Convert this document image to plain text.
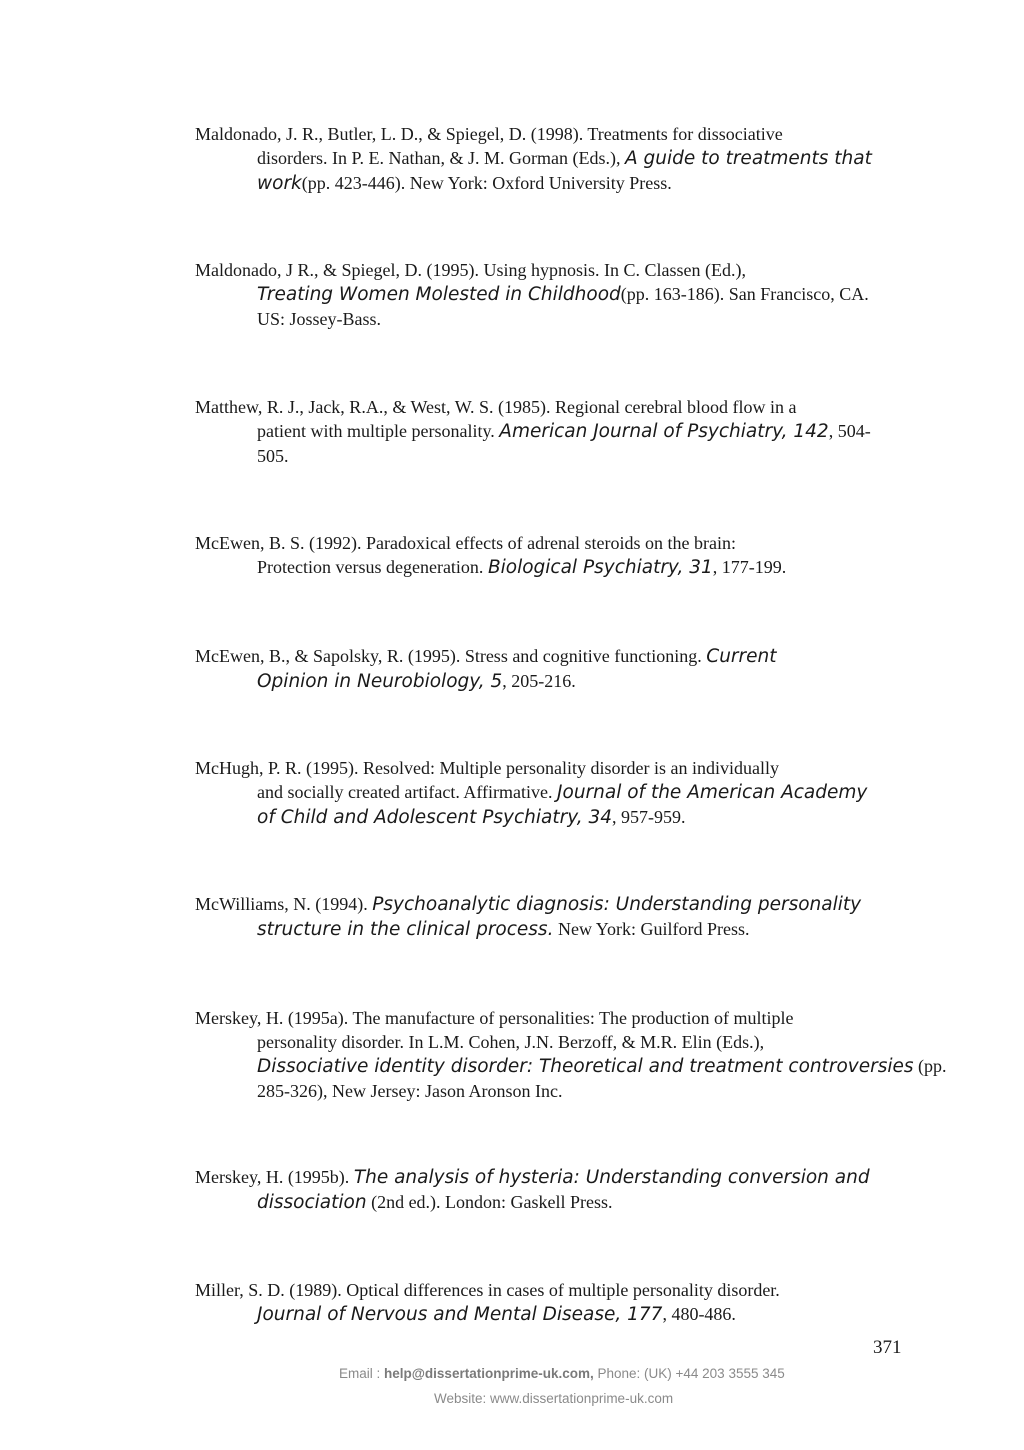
Maldonado, J. R., Butler, L. D., & Spiegel, D. (1998). Treatments for dissociative
disorders. In P. E. Nathan, & J. M. Gorman (Eds.), A guide to treatments that
work(pp. 423-446). New York: Oxford University Press.
Maldonado, J R., & Spiegel, D. (1995). Using hypnosis. In C. Classen (Ed.),
Treating Women Molested in Childhood(pp. 163-186). San Francisco, CA.
US: Jossey-Bass.
Matthew, R. J., Jack, R.A., & West, W. S. (1985). Regional cerebral blood flow in a
patient with multiple personality. American Journal of Psychiatry, 142, 504-
505.
McEwen, B. S. (1992). Paradoxical effects of adrenal steroids on the brain:
Protection versus degeneration. Biological Psychiatry, 31, 177-199.
McEwen, B., & Sapolsky, R. (1995). Stress and cognitive functioning. Current
Opinion in Neurobiology, 5, 205-216.
McHugh, P. R. (1995). Resolved: Multiple personality disorder is an individually
and socially created artifact. Affirmative. Journal of the American Academy
of Child and Adolescent Psychiatry, 34, 957-959.
McWilliams, N. (1994). Psychoanalytic diagnosis: Understanding personality
structure in the clinical process. New York: Guilford Press.
Merskey, H. (1995a). The manufacture of personalities: The production of multiple
personality disorder. In L.M. Cohen, J.N. Berzoff, & M.R. Elin (Eds.),
Dissociative identity disorder: Theoretical and treatment controversies (pp.
285-326), New Jersey: Jason Aronson Inc.
Merskey, H. (1995b). The analysis of hysteria: Understanding conversion and
dissociation (2nd ed.). London: Gaskell Press.
Miller, S. D. (1989). Optical differences in cases of multiple personality disorder.
Journal of Nervous and Mental Disease, 177, 480-486.
Email : help@dissertationprime-uk.com, Phone: (UK) +44 203 3555 345
Website: www.dissertationprime-uk.com
371
